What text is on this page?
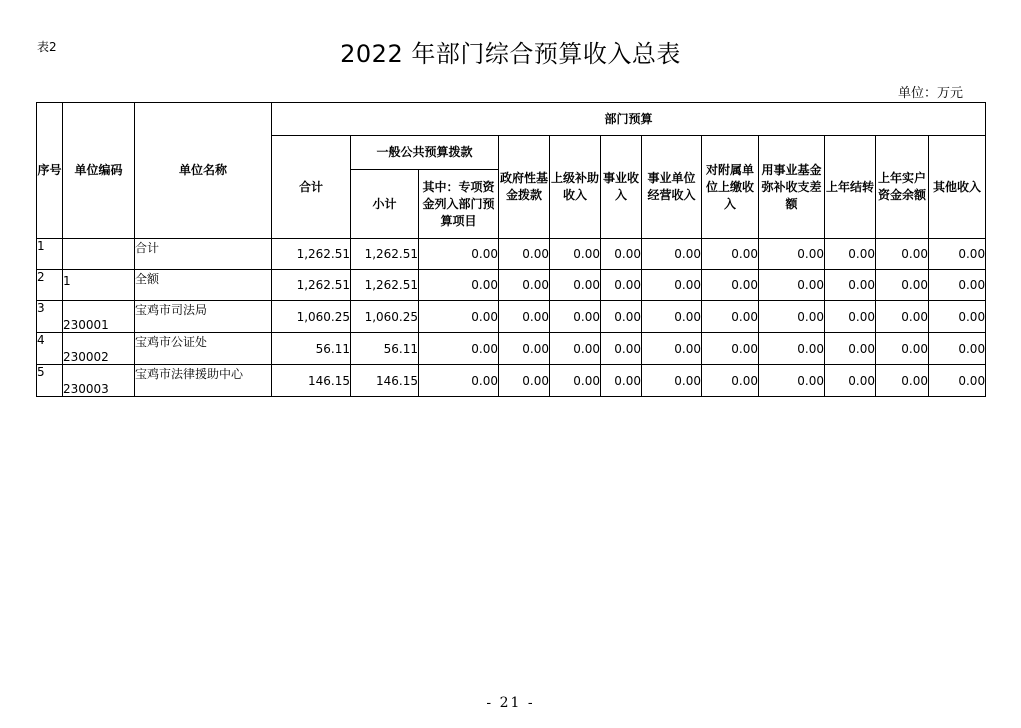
表2	2022 年部门综合预算收入总表
单位：万元
序号	单位编码	单位名称	部门预算											
			合计	一般公共预算拨款		政府性基金拨款	上级补助收入	事业收入	事业单位经营收入	对附属单位上缴收入	用事业基金弥补收支差额	上年结转	上年实户资金余额	其他收入
				小计	其中：专项资金列入部门预算项目									
1		合计	1,262.51	1,262.51	0.00	0.00	0.00	0.00	0.00	0.00	0.00	0.00	0.00	0.00
2	1	全额	1,262.51	1,262.51	0.00	0.00	0.00	0.00	0.00	0.00	0.00	0.00	0.00	0.00
3	230001	宝鸡市司法局	1,060.25	1,060.25	0.00	0.00	0.00	0.00	0.00	0.00	0.00	0.00	0.00	0.00
4	230002	宝鸡市公证处	56.11	56.11	0.00	0.00	0.00	0.00	0.00	0.00	0.00	0.00	0.00	0.00
5	230003	宝鸡市法律援助中心	146.15	146.15	0.00	0.00	0.00	0.00	0.00	0.00	0.00	0.00	0.00	0.00
- 21 -
